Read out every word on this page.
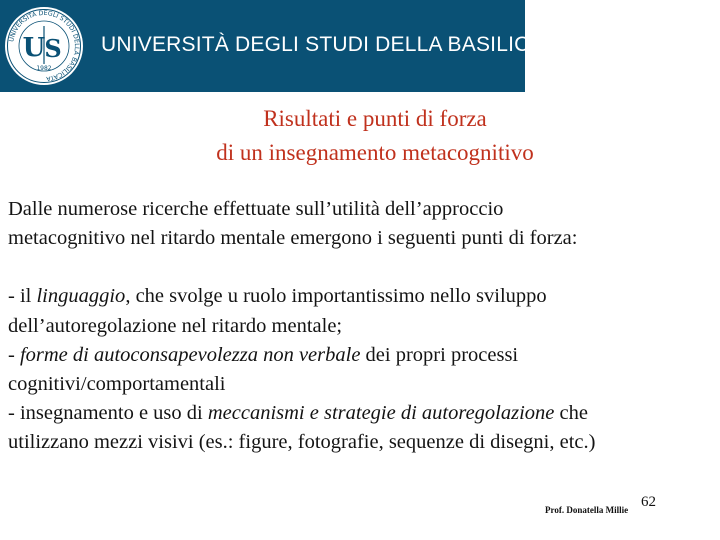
UNIVERSITÀ DEGLI STUDI DELLA BASILICATA
U
S
1982
UNIVERSITÀ DEGLI STUDI DELLA BASILICATA
Risultati e punti di forza
di un insegnamento metacognitivo

Dalle numerose ricerche effettuate sull’utilità dell’approccio

metacognitivo nel ritardo mentale emergono i seguenti punti di forza:

- il linguaggio, che svolge u ruolo importantissimo nello sviluppo

dell’autoregolazione nel ritardo mentale;

- forme di autoconsapevolezza non verbale dei propri processi

cognitivi/comportamentali

- insegnamento e uso di meccanismi e strategie di autoregolazione che

utilizzano mezzi visivi (es.: figure, fotografie, sequenze di disegni, etc.)

Prof. Donatella Millie 62
